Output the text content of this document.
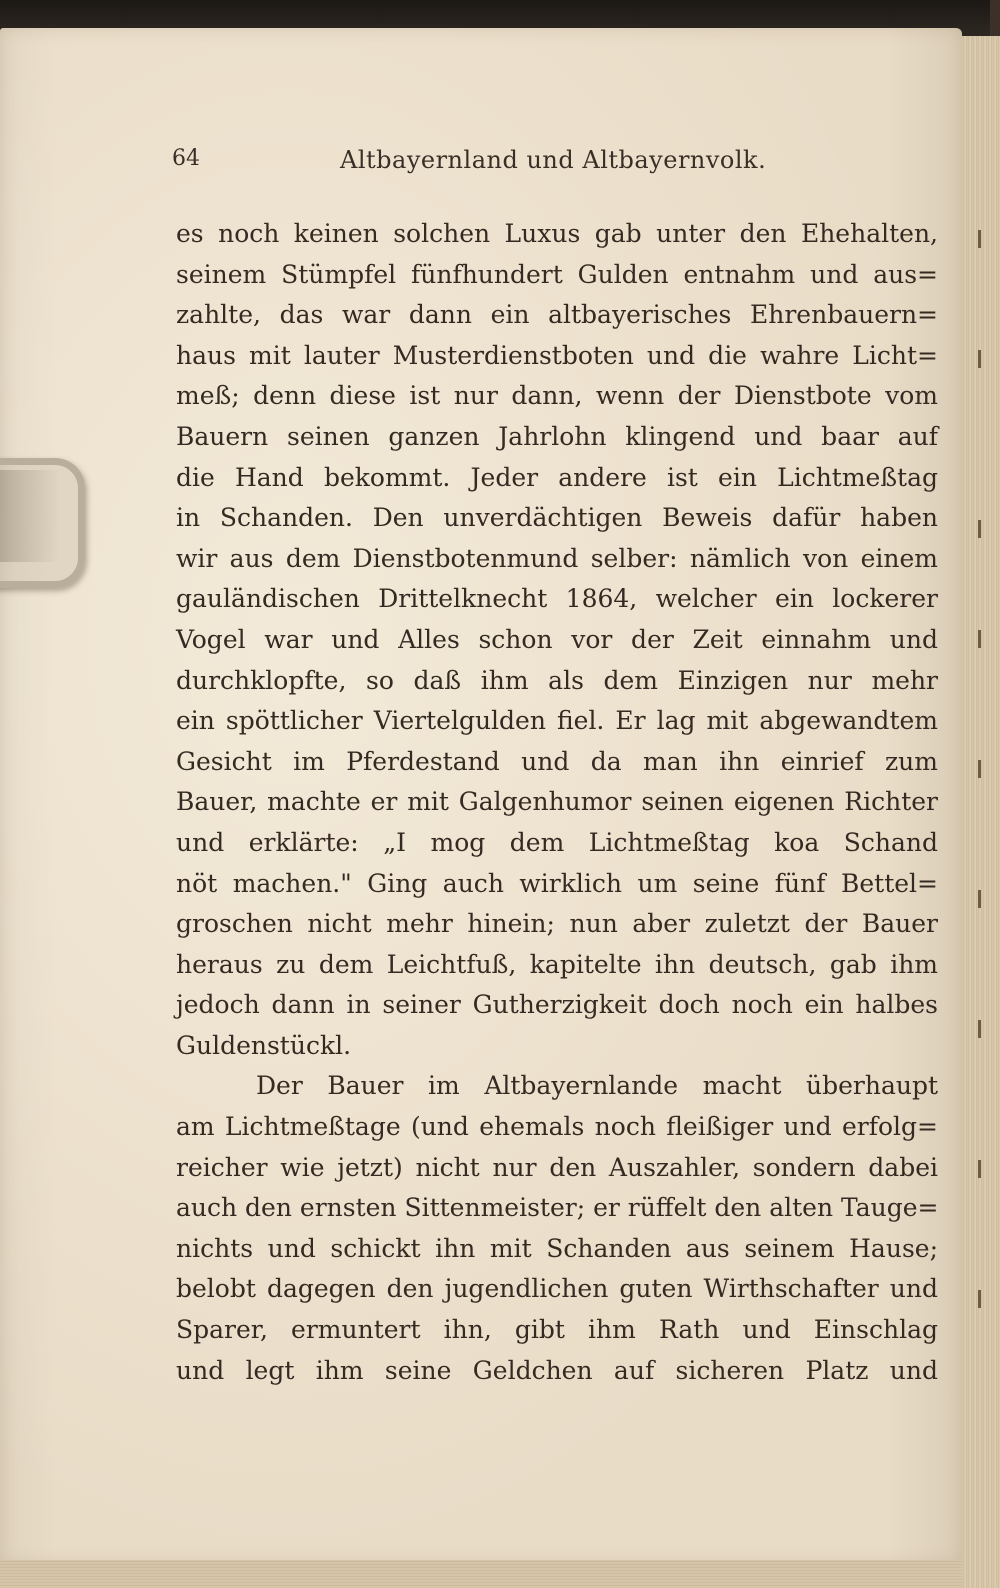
64	Altbayernland und Altbayernvolk.
es noch keinen solchen Luxus gab unter den Ehehalten,
seinem Stümpfel fünfhundert Gulden entnahm und aus=
zahlte, das war dann ein altbayerisches Ehrenbauern=
haus mit lauter Musterdienstboten und die wahre Licht=
meß; denn diese ist nur dann, wenn der Dienstbote vom
Bauern seinen ganzen Jahrlohn klingend und baar auf
die Hand bekommt. Jeder andere ist ein Lichtmeßtag
in Schanden. Den unverdächtigen Beweis dafür haben
wir aus dem Dienstbotenmund selber: nämlich von einem
gauländischen Drittelknecht 1864, welcher ein lockerer
Vogel war und Alles schon vor der Zeit einnahm und
durchklopfte, so daß ihm als dem Einzigen nur mehr
ein spöttlicher Viertelgulden fiel. Er lag mit abgewandtem
Gesicht im Pferdestand und da man ihn einrief zum
Bauer, machte er mit Galgenhumor seinen eigenen Richter
und erklärte: „I mog dem Lichtmeßtag koa Schand
nöt machen." Ging auch wirklich um seine fünf Bettel=
groschen nicht mehr hinein; nun aber zuletzt der Bauer
heraus zu dem Leichtfuß, kapitelte ihn deutsch, gab ihm
jedoch dann in seiner Gutherzigkeit doch noch ein halbes
Guldenstückl.
Der Bauer im Altbayernlande macht überhaupt
am Lichtmeßtage (und ehemals noch fleißiger und erfolg=
reicher wie jetzt) nicht nur den Auszahler, sondern dabei
auch den ernsten Sittenmeister; er rüffelt den alten Tauge=
nichts und schickt ihn mit Schanden aus seinem Hause;
belobt dagegen den jugendlichen guten Wirthschafter und
Sparer, ermuntert ihn, gibt ihm Rath und Einschlag
und legt ihm seine Geldchen auf sicheren Platz und
